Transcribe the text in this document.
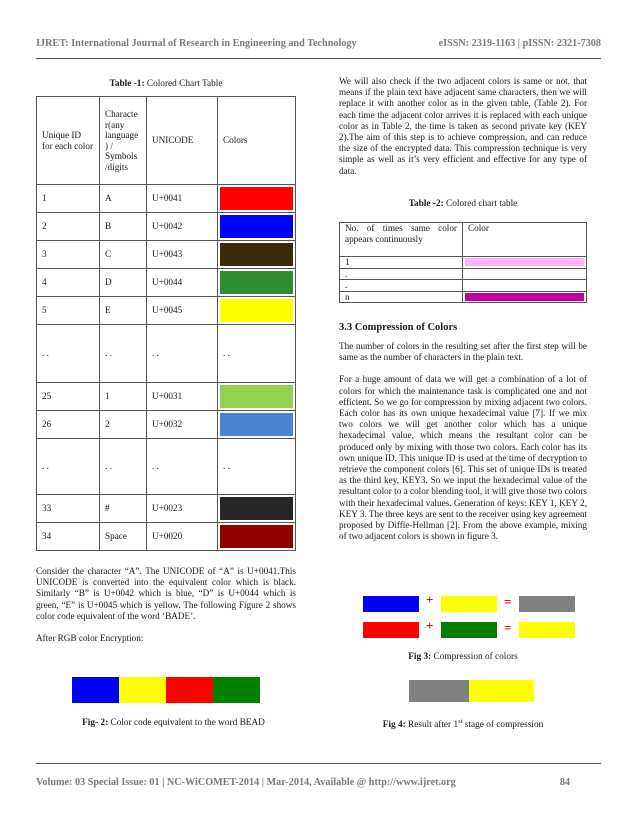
IJRET: International Journal of Research in Engineering and Technology	eISSN: 2319-1163 | pISSN: 2321-7308
Table -1: Colored Chart Table
Unique ID for each color	Characte r(any language ) / Symbols /digits	UNICODE	Colors
1	A	U+0041	

2	B	U+0042	

3	C	U+0043	

4	D	U+0044	

5	E	U+0045	

. .	. .	. .	. .
25	1	U+0031	

26	2	U+0032	

. .	. .	. .	. .
33	#	U+0023	

34	Space	U+0020	

Consider the character “A”. The UNICODE of “A” is U+0041.This UNICODE is converted into the equivalent color which is black. Similarly “B” is U+0042 which is blue, “D” is U+0044 which is green, “E” is U+0045 which is yellow. The following Figure 2 shows color code equivalent of the word ‘BADE’.

After RGB color Encryption:

Fig- 2: Color code equivalent to the word BEAD

We will also check if the two adjacent colors is same or not, that means if the plain text have adjacent same characters, then we will replace it with another color as in the given table, (Table 2). For each time the adjacent color arrives it is replaced with each unique color as in Table 2, the time is taken as second private key (KEY 2).The aim of this step is to achieve compression, and can reduce the size of the encrypted data. This compression technique is very simple as well as it’s very efficient and effective for any type of data.

Table -2: Colored chart table
No. of times same color appears continuously	Color
1	

.	
.	
n	
3.3 Compression of Colors

The number of colors in the resulting set after the first step will be same as the number of characters in the plain text.

For a huge amount of data we will get a combination of a lot of colors for which the maintenance task is complicated one and not efficient. So we go for compression by mixing adjacent two colors. Each color has its own unique hexadecimal value [7]. If we mix two colors we will get another color which has a unique hexadecimal value, which means the resultant color can be produced only by mixing with those two colors. Each color has its own unique ID. This unique ID is used at the time of decryption to retrieve the component colors [6]. This set of unique IDs is treated as the third key, KEY3. So we input the hexadecimal value of the resultant color to a color blending tool, it will give those two colors with their hexadecimal values. Generation of keys: KEY 1, KEY 2, KEY 3. The three keys are sent to the receiver using key agreement proposed by Diffie-Hellman [2]. From the above example, mixing of two adjacent colors is shown in figure 3.

+	=
+	=
Fig 3: Compression of colors
Fig 4: Result after 1st stage of compression
Volume: 03 Special Issue: 01 | NC-WiCOMET-2014 | Mar-2014, Available @ http://www.ijret.org	84
